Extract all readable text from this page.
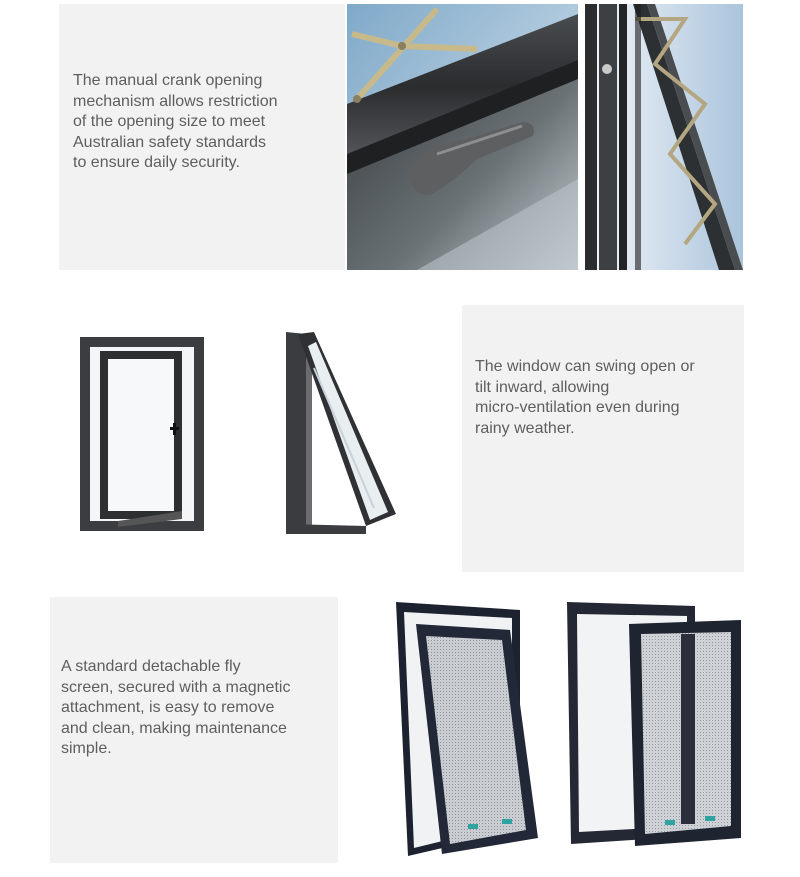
The manual crank opening
mechanism allows restriction
of the opening size to meet
Australian safety standards
to ensure daily security.
The window can swing open or
tilt inward, allowing
micro-ventilation even during
rainy weather.
A standard detachable fly
screen, secured with a magnetic
attachment, is easy to remove
and clean, making maintenance
simple.
